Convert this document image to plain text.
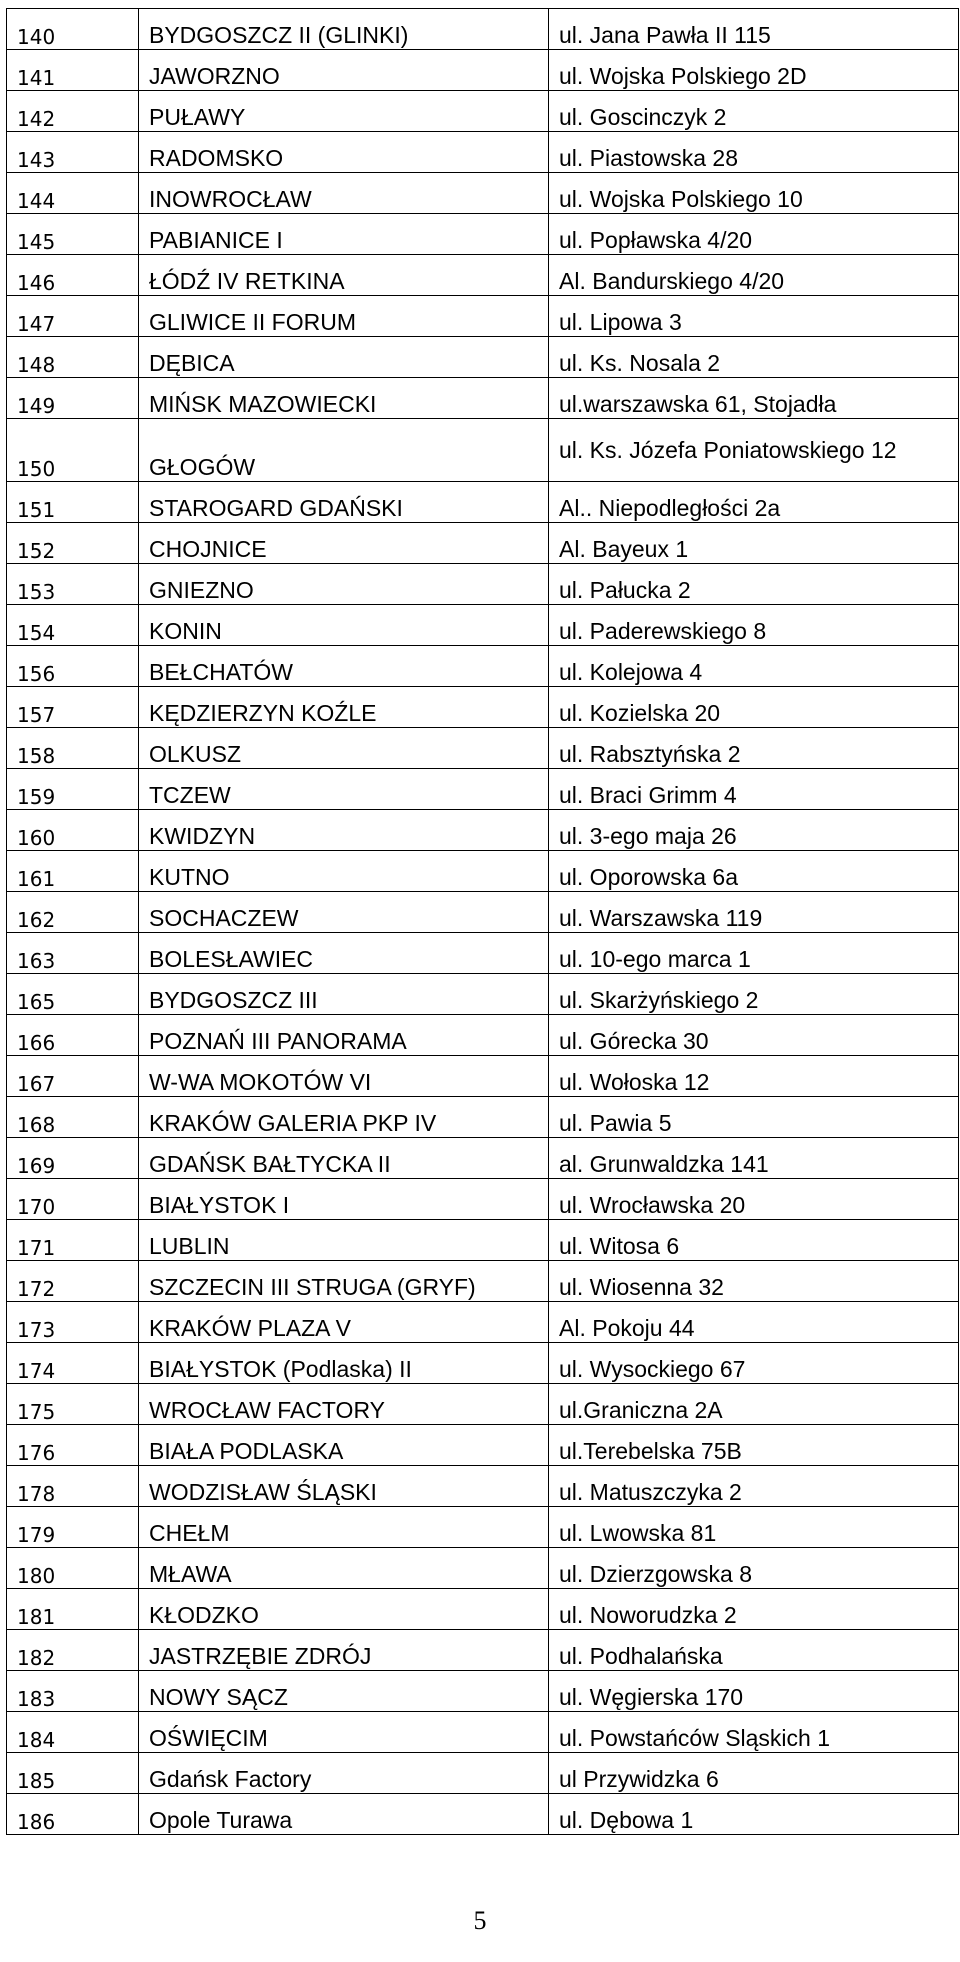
140	BYDGOSZCZ II (GLINKI)	ul. Jana Pawła II 115
141	JAWORZNO	ul. Wojska Polskiego 2D
142	PUŁAWY	ul. Goscinczyk 2
143	RADOMSKO	ul. Piastowska 28
144	INOWROCŁAW	ul. Wojska Polskiego 10
145	PABIANICE I	ul. Popławska 4/20
146	ŁÓDŹ IV RETKINA	Al. Bandurskiego 4/20
147	GLIWICE II FORUM	ul. Lipowa 3
148	DĘBICA	ul. Ks. Nosala 2
149	MIŃSK MAZOWIECKI	ul.warszawska 61, Stojadła
150	GŁOGÓW	ul. Ks. Józefa Poniatowskiego 12
151	STAROGARD GDAŃSKI	Al.. Niepodległości 2a
152	CHOJNICE	Al. Bayeux 1
153	GNIEZNO	ul. Pałucka 2
154	KONIN	ul. Paderewskiego 8
156	BEŁCHATÓW	ul. Kolejowa 4
157	KĘDZIERZYN KOŹLE	ul. Kozielska 20
158	OLKUSZ	ul. Rabsztyńska 2
159	TCZEW	ul. Braci Grimm 4
160	KWIDZYN	ul. 3-ego maja 26
161	KUTNO	ul. Oporowska 6a
162	SOCHACZEW	ul. Warszawska 119
163	BOLESŁAWIEC	ul. 10-ego marca 1
165	BYDGOSZCZ III	ul. Skarżyńskiego 2
166	POZNAŃ III PANORAMA	ul. Górecka 30
167	W-WA MOKOTÓW VI	ul. Wołoska 12
168	KRAKÓW GALERIA PKP IV	ul. Pawia 5
169	GDAŃSK BAŁTYCKA II	al. Grunwaldzka 141
170	BIAŁYSTOK I	ul. Wrocławska 20
171	LUBLIN	ul. Witosa 6
172	SZCZECIN III STRUGA (GRYF)	ul. Wiosenna 32
173	KRAKÓW PLAZA V	Al. Pokoju 44
174	BIAŁYSTOK (Podlaska) II	ul. Wysockiego 67
175	WROCŁAW FACTORY	ul.Graniczna 2A
176	BIAŁA PODLASKA	ul.Terebelska 75B
178	WODZISŁAW ŚLĄSKI	ul. Matuszczyka 2
179	CHEŁM	ul. Lwowska 81
180	MŁAWA	ul. Dzierzgowska 8
181	KŁODZKO	ul. Noworudzka 2
182	JASTRZĘBIE ZDRÓJ	ul. Podhalańska
183	NOWY SĄCZ	ul. Węgierska 170
184	OŚWIĘCIM	ul. Powstańców Sląskich 1
185	Gdańsk Factory	ul Przywidzka 6
186	Opole Turawa	ul. Dębowa 1
5
